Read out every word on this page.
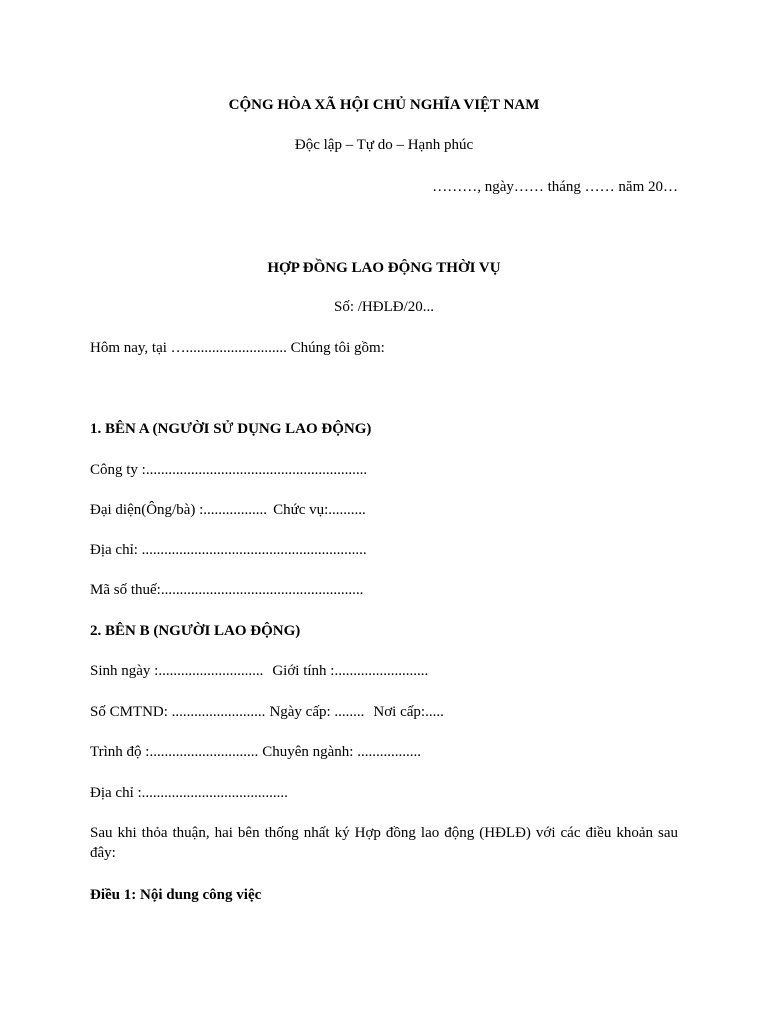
CỘNG HÒA XÃ HỘI CHỦ NGHĨA VIỆT NAM
Độc lập – Tự do – Hạnh phúc
………, ngày…… tháng …… năm 20…
HỢP ĐỒNG LAO ĐỘNG THỜI VỤ
Số: /HĐLĐ/20...
Hôm nay, tại …........................... Chúng tôi gồm:
1. BÊN A (NGƯỜI SỬ DỤNG LAO ĐỘNG)
Công ty :...........................................................
Đại diện(Ông/bà) :................. Chức vụ:..........
Địa chỉ: ............................................................
Mã số thuế:......................................................
2. BÊN B (NGƯỜI LAO ĐỘNG)
Sinh ngày :............................ Giới tính :.........................
Số CMTND: ......................... Ngày cấp: ........ Nơi cấp:.....
Trình độ :............................. Chuyên ngành: .................
Địa chỉ :.......................................
Sau khi thỏa thuận, hai bên thống nhất ký Hợp đồng lao động (HĐLĐ) với các điều khoản sau đây:
Điều 1: Nội dung công việc
